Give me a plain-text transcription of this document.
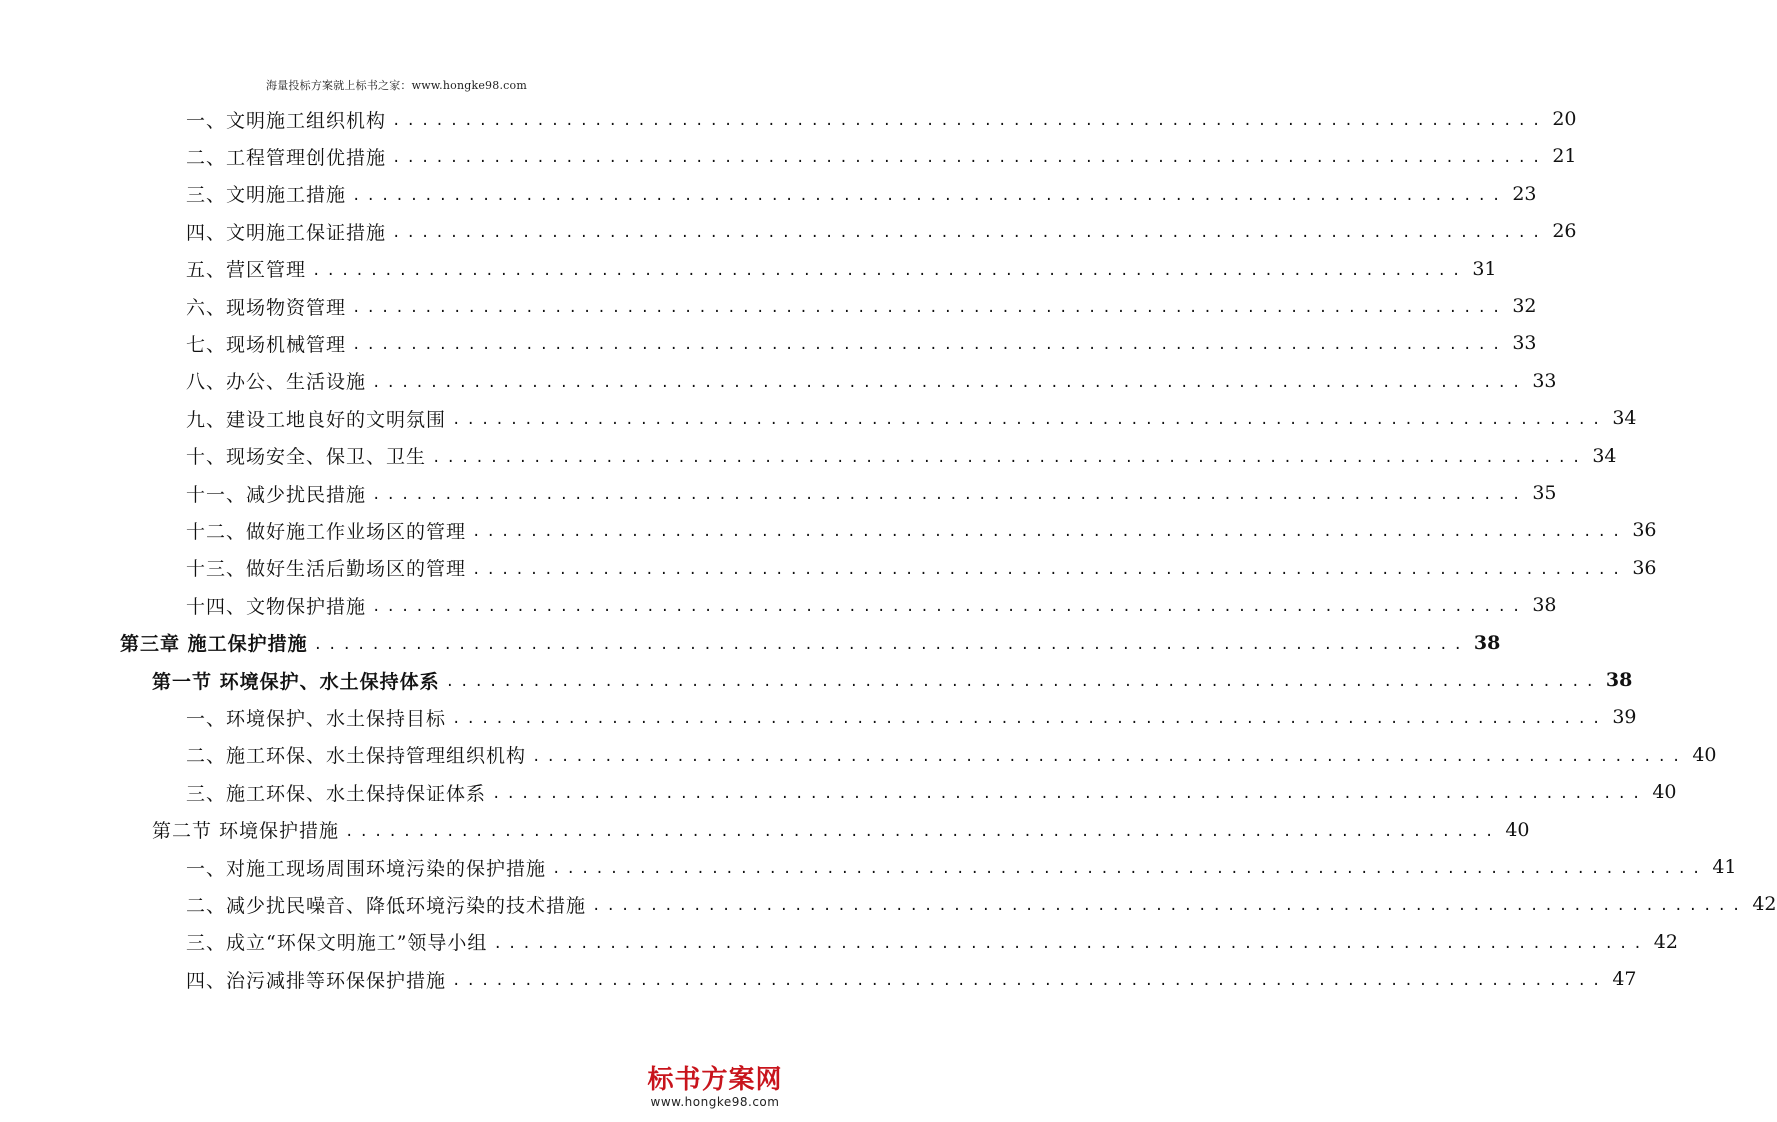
海量投标方案就上标书之家：www.hongke98.com
一、文明施工组织机构 ................................................................................ 20
二、工程管理创优措施 ................................................................................ 21
三、文明施工措施 ................................................................................ 23
四、文明施工保证措施 ................................................................................ 26
五、营区管理 ................................................................................ 31
六、现场物资管理 ................................................................................ 32
七、现场机械管理 ................................................................................ 33
八、办公、生活设施 ................................................................................ 33
九、建设工地良好的文明氛围 ................................................................................ 34
十、现场安全、保卫、卫生 ................................................................................ 34
十一、减少扰民措施 ................................................................................ 35
十二、做好施工作业场区的管理 ................................................................................ 36
十三、做好生活后勤场区的管理 ................................................................................ 36
十四、文物保护措施 ................................................................................ 38
第三章 施工保护措施 ................................................................................ 38
第一节 环境保护、水土保持体系 ................................................................................ 38
一、环境保护、水土保持目标 ................................................................................ 39
二、施工环保、水土保持管理组织机构 ................................................................................ 40
三、施工环保、水土保持保证体系 ................................................................................ 40
第二节 环境保护措施 ................................................................................ 40
一、对施工现场周围环境污染的保护措施 ................................................................................ 41
二、减少扰民噪音、降低环境污染的技术措施 ................................................................................ 42
三、成立“环保文明施工”领导小组 ................................................................................ 42
四、治污减排等环保保护措施 ................................................................................ 47
标书方案网
www.hongke98.com
